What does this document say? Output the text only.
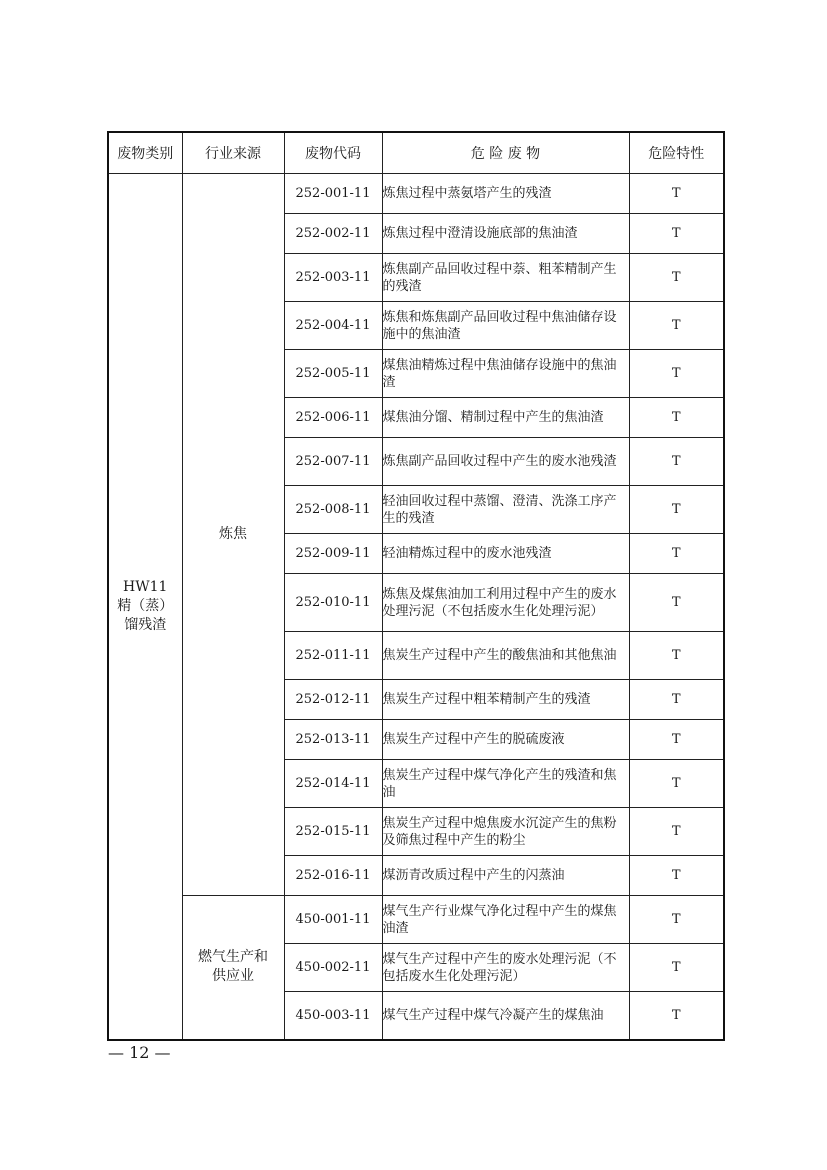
废物类别	行业来源	废物代码	危 险 废 物	危险特性

HW11
精（蒸）
馏残渣	炼焦	252-001-11	炼焦过程中蒸氨塔产生的残渣	T
		252-002-11	炼焦过程中澄清设施底部的焦油渣	T
		252-003-11	炼焦副产品回收过程中萘、粗苯精制产生的残渣	T
		252-004-11	炼焦和炼焦副产品回收过程中焦油储存设施中的焦油渣	T
		252-005-11	煤焦油精炼过程中焦油储存设施中的焦油渣	T
		252-006-11	煤焦油分馏、精制过程中产生的焦油渣	T
		252-007-11	炼焦副产品回收过程中产生的废水池残渣	T
		252-008-11	轻油回收过程中蒸馏、澄清、洗涤工序产生的残渣	T
		252-009-11	轻油精炼过程中的废水池残渣	T
		252-010-11	炼焦及煤焦油加工利用过程中产生的废水处理污泥（不包括废水生化处理污泥）	T
		252-011-11	焦炭生产过程中产生的酸焦油和其他焦油	T
		252-012-11	焦炭生产过程中粗苯精制产生的残渣	T
		252-013-11	焦炭生产过程中产生的脱硫废液	T
		252-014-11	焦炭生产过程中煤气净化产生的残渣和焦油	T
		252-015-11	焦炭生产过程中熄焦废水沉淀产生的焦粉及筛焦过程中产生的粉尘	T
		252-016-11	煤沥青改质过程中产生的闪蒸油	T

	燃气生产和
供应业	450-001-11	煤气生产行业煤气净化过程中产生的煤焦油渣	T
		450-002-11	煤气生产过程中产生的废水处理污泥（不包括废水生化处理污泥）	T
		450-003-11	煤气生产过程中煤气冷凝产生的煤焦油	T
— 12 —
